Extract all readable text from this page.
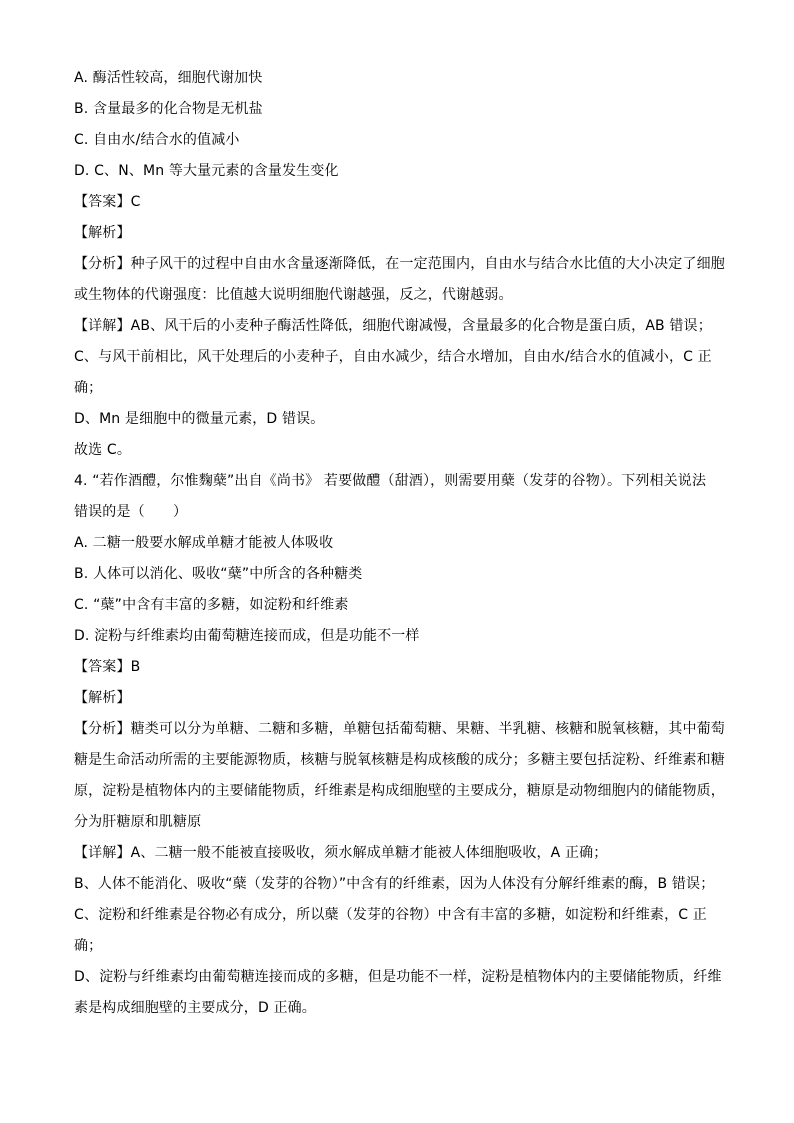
A. 酶活性较高，细胞代谢加快
B. 含量最多的化合物是无机盐
C. 自由水/结合水的值减小
D. C、N、Mn 等大量元素的含量发生变化
【答案】C
【解析】
【分析】种子风干的过程中自由水含量逐渐降低，在一定范围内，自由水与结合水比值的大小决定了细胞
或生物体的代谢强度：比值越大说明细胞代谢越强，反之，代谢越弱。
【详解】AB、风干后的小麦种子酶活性降低，细胞代谢减慢，含量最多的化合物是蛋白质，AB 错误；
C、与风干前相比，风干处理后的小麦种子，自由水减少，结合水增加，自由水/结合水的值减小，C 正
确；
D、Mn 是细胞中的微量元素，D 错误。
故选 C。
4. “若作酒醴，尔惟麴蘖”出自《尚书》 若要做醴（甜酒），则需要用蘖（发芽的谷物）。下列相关说法
错误的是（　　）
A. 二糖一般要水解成单糖才能被人体吸收
B. 人体可以消化、吸收“蘖”中所含的各种糖类
C. “蘖”中含有丰富的多糖，如淀粉和纤维素
D. 淀粉与纤维素均由葡萄糖连接而成，但是功能不一样
【答案】B
【解析】
【分析】糖类可以分为单糖、二糖和多糖，单糖包括葡萄糖、果糖、半乳糖、核糖和脱氧核糖，其中葡萄
糖是生命活动所需的主要能源物质，核糖与脱氧核糖是构成核酸的成分；多糖主要包括淀粉、纤维素和糖
原，淀粉是植物体内的主要储能物质，纤维素是构成细胞壁的主要成分，糖原是动物细胞内的储能物质，
分为肝糖原和肌糖原
【详解】A、二糖一般不能被直接吸收，须水解成单糖才能被人体细胞吸收，A 正确；
B、人体不能消化、吸收“蘖（发芽的谷物）”中含有的纤维素，因为人体没有分解纤维素的酶，B 错误；
C、淀粉和纤维素是谷物必有成分，所以蘖（发芽的谷物）中含有丰富的多糖，如淀粉和纤维素，C 正
确；
D、淀粉与纤维素均由葡萄糖连接而成的多糖，但是功能不一样，淀粉是植物体内的主要储能物质，纤维
素是构成细胞壁的主要成分，D 正确。
